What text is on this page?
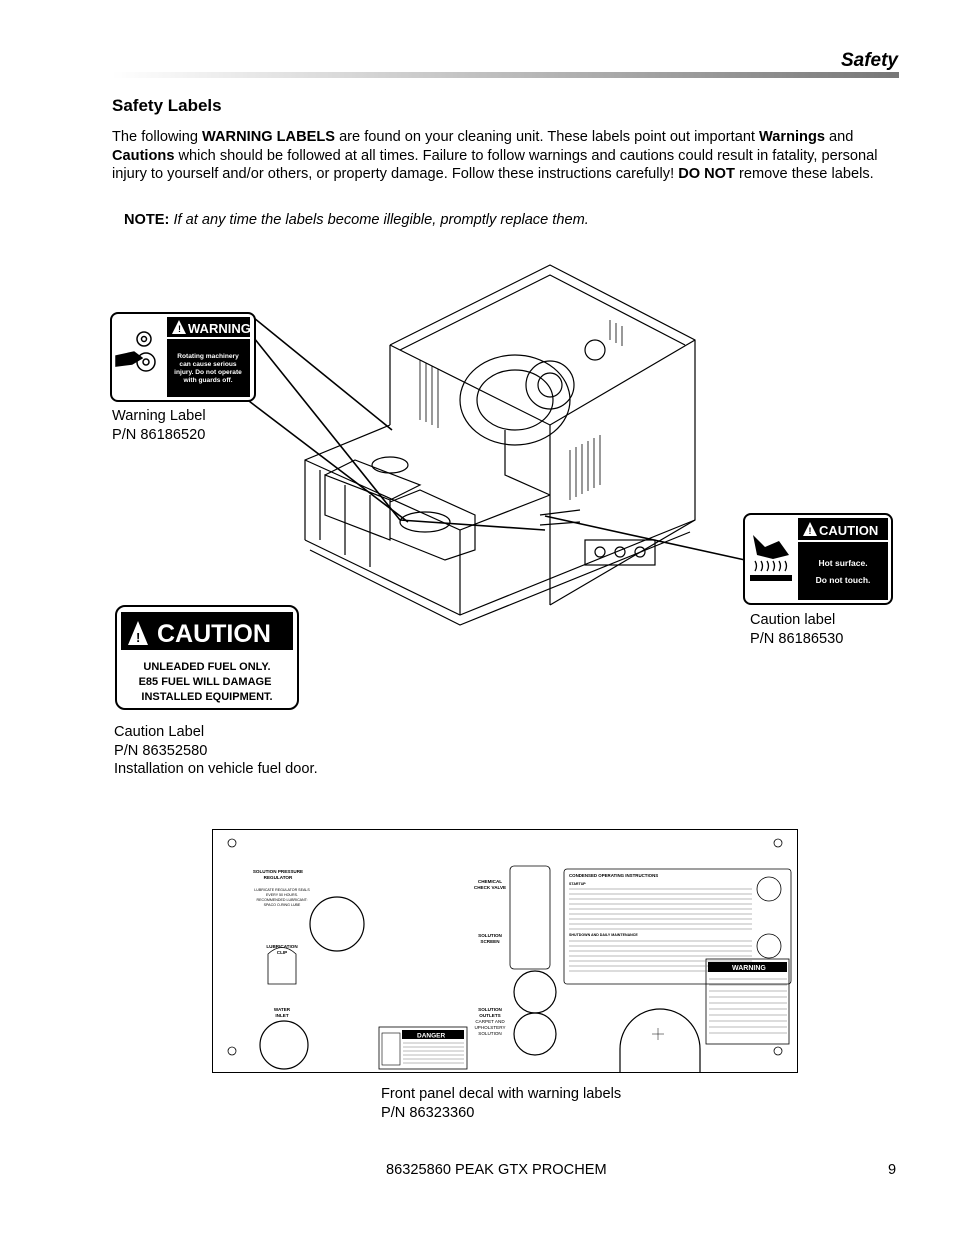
Safety
Safety Labels
The following WARNING LABELS are found on your cleaning unit. These labels point out important Warnings and Cautions which should be followed at all times. Failure to follow warnings and cautions could result in fatality, personal injury to yourself and/or others, or property damage. Follow these instructions carefully! DO NOT remove these labels.
NOTE: If at any time the labels become illegible, promptly replace them.
! WARNING
Rotating machinery
can cause serious
injury. Do not operate
with guards off.
Warning Label
P/N 86186520
! CAUTION
Hot surface.
Do not touch.
Caution label
P/N 86186530
! CAUTION
UNLEADED FUEL ONLY.
E85 FUEL WILL DAMAGE
INSTALLED EQUIPMENT.
Caution Label
P/N 86352580
Installation on vehicle fuel door.
SOLUTION PRESSURE
REGULATOR
LUBRICATE REGULATOR SEALS
EVERY 50 HOURS.
RECOMMENDED LUBRICANT:
SPACO O-RING LUBE
LUBRICATION
CLIP
WATER
INLET
CHEMICAL
CHECK VALVE
SOLUTION
SCREEN
SOLUTION
OUTLETS
CARPET AND
UPHOLSTERY
SOLUTION
CONDENSED OPERATING INSTRUCTIONS
STARTUP
SHUTDOWN AND DAILY MAINTENANCE
WARNING
DANGER
Front panel decal with warning labels
P/N 86323360
86325860 PEAK GTX PROCHEM	9
